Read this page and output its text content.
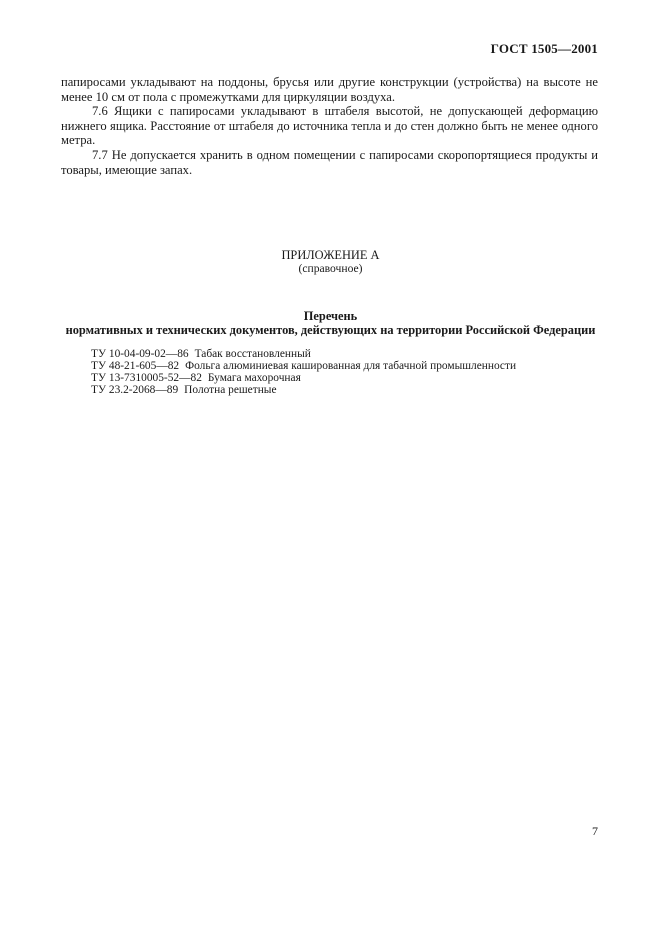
ГОСТ 1505—2001

папиросами укладывают на поддоны, брусья или другие конструкции (устройства) на высоте не менее 10 см от пола с промежутками для циркуляции воздуха.

7.6 Ящики с папиросами укладывают в штабеля высотой, не допускающей деформацию нижнего ящика. Расстояние от штабеля до источника тепла и до стен должно быть не менее одного метра.

7.7 Не допускается хранить в одном помещении с папиросами скоропортящиеся продукты и товары, имеющие запах.

ПРИЛОЖЕНИЕ А
(справочное)
Перечень
нормативных и технических документов, действующих на территории Российской Федерации
ТУ 10-04-09-02—86 Табак восстановленный
ТУ 48-21-605—82 Фольга алюминиевая кашированная для табачной промышленности
ТУ 13-7310005-52—82 Бумага махорочная
ТУ 23.2-2068—89 Полотна решетные
7
